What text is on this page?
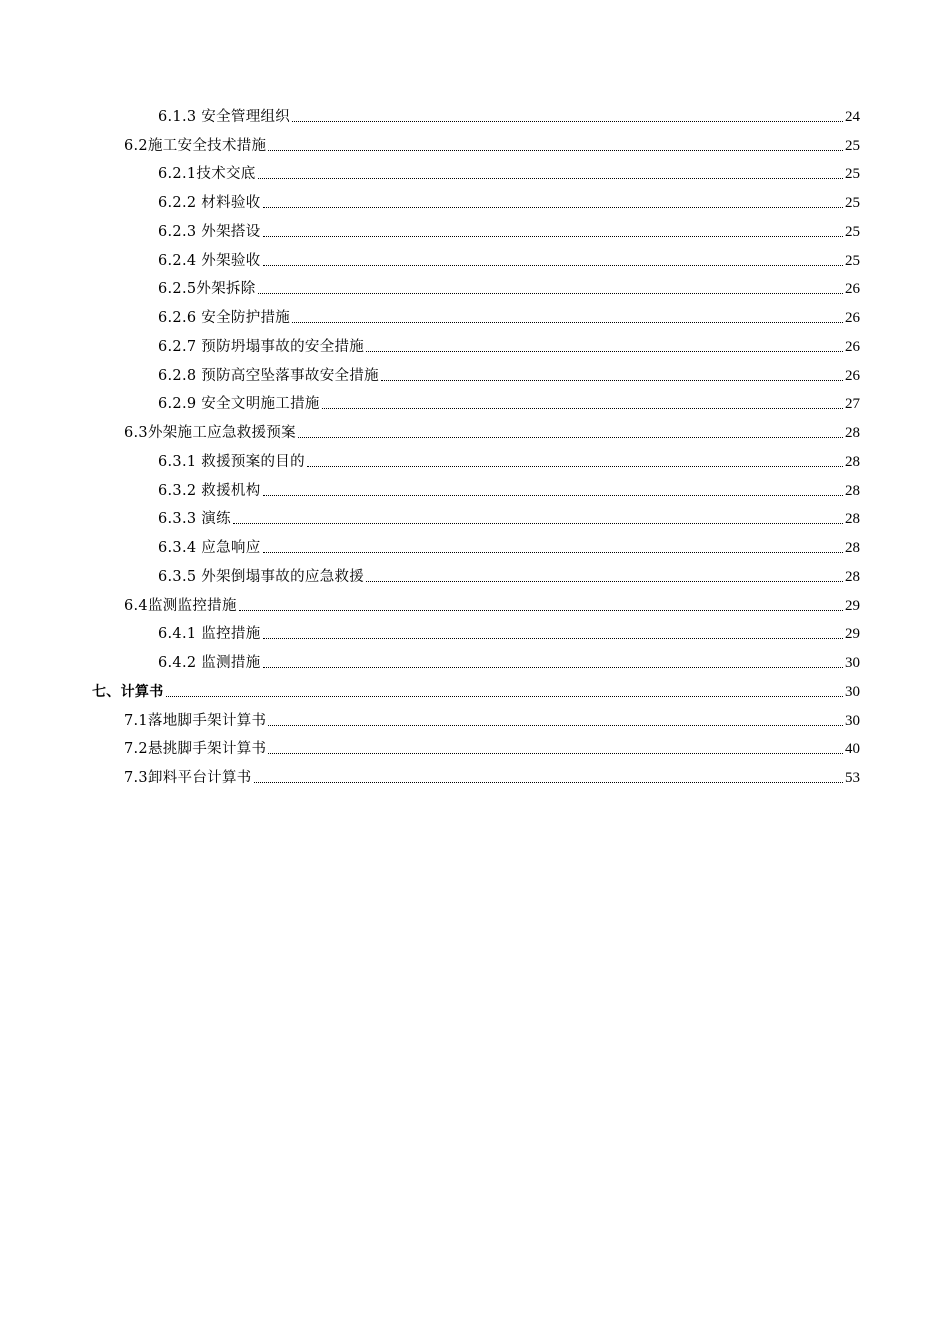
6.1.3 安全管理组织	24
6.2施工安全技术措施	25
6.2.1技术交底	25
6.2.2 材料验收	25
6.2.3 外架搭设	25
6.2.4 外架验收	25
6.2.5外架拆除	26
6.2.6 安全防护措施	26
6.2.7 预防坍塌事故的安全措施	26
6.2.8 预防高空坠落事故安全措施	26
6.2.9 安全文明施工措施	27
6.3外架施工应急救援预案	28
6.3.1 救援预案的目的	28
6.3.2 救援机构	28
6.3.3 演练	28
6.3.4 应急响应	28
6.3.5 外架倒塌事故的应急救援	28
6.4监测监控措施	29
6.4.1 监控措施	29
6.4.2 监测措施	30
七、计算书	30
7.1落地脚手架计算书	30
7.2悬挑脚手架计算书	40
7.3卸料平台计算书	53
